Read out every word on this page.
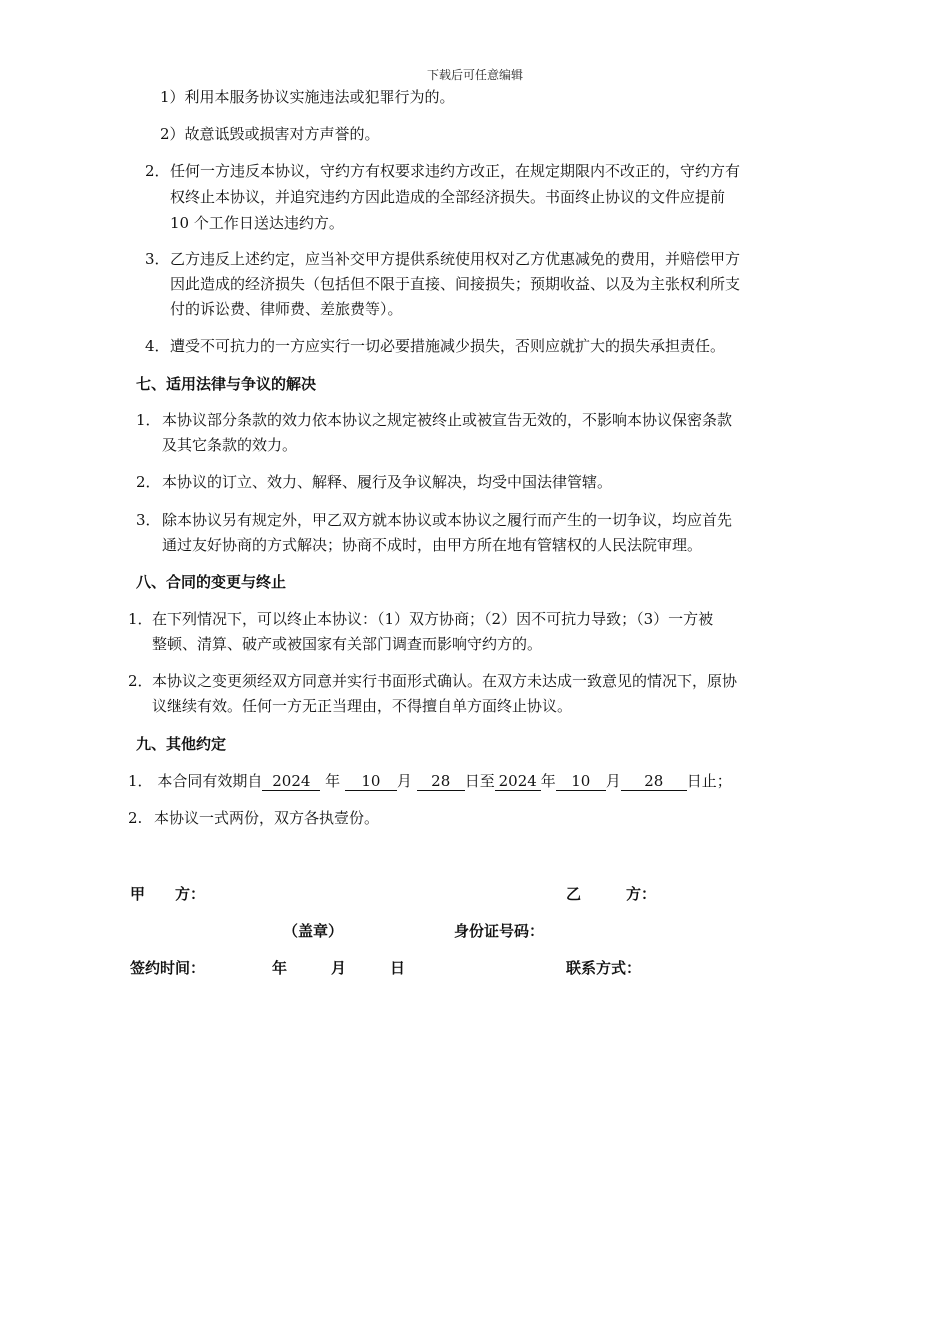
下载后可任意编辑
1）利用本服务协议实施违法或犯罪行为的。
2）故意诋毁或损害对方声誉的。
2． 任何一方违反本协议，守约方有权要求违约方改正，在规定期限内不改正的，守约方有
权终止本协议，并追究违约方因此造成的全部经济损失。书面终止协议的文件应提前
10 个工作日送达违约方。
3． 乙方违反上述约定，应当补交甲方提供系统使用权对乙方优惠减免的费用，并赔偿甲方
因此造成的经济损失（包括但不限于直接、间接损失；预期收益、以及为主张权利所支
付的诉讼费、律师费、差旅费等）。
4． 遭受不可抗力的一方应实行一切必要措施减少损失，否则应就扩大的损失承担责任。
七、适用法律与争议的解决
1． 本协议部分条款的效力依本协议之规定被终止或被宣告无效的，不影响本协议保密条款
及其它条款的效力。
2． 本协议的订立、效力、解释、履行及争议解决，均受中国法律管辖。
3． 除本协议另有规定外，甲乙双方就本协议或本协议之履行而产生的一切争议，均应首先
通过友好协商的方式解决；协商不成时，由甲方所在地有管辖权的人民法院审理。
八、合同的变更与终止
1． 在下列情况下，可以终止本协议：（1）双方协商；（2）因不可抗力导致；（3）一方被
整顿、清算、破产或被国家有关部门调查而影响守约方的。
2． 本协议之变更须经双方同意并实行书面形式确认。在双方未达成一致意见的情况下，原协
议继续有效。任何一方无正当理由，不得擅自单方面终止协议。
九、其他约定
1． 本合同有效期自 2024 年 10 月 28 日至 2024 年 10 月 28 日止；
2. 本协议一式两份，双方各执壹份。
甲　　方：	乙　　　方：
（盖章）	身份证号码：
签约时间：	年	月	日	联系方式：
